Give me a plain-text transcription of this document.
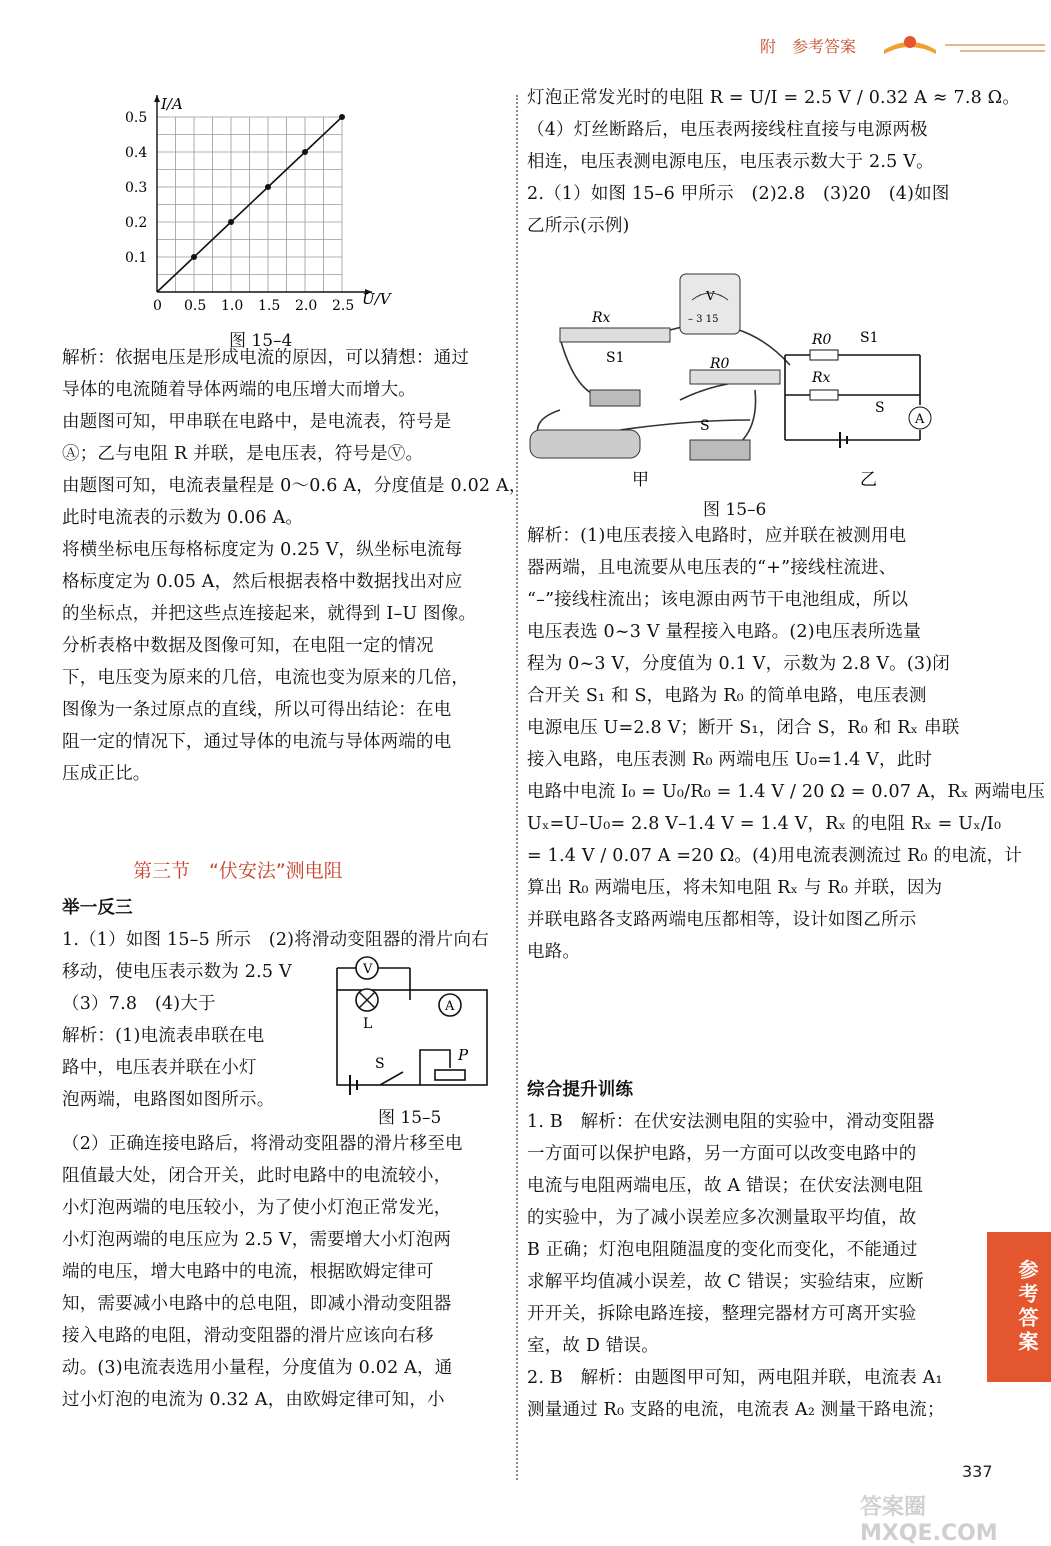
附　参考答案
U/V
I/A
0 0.5 1.0 1.5 2.0 2.5
0.1
0.2
0.3
0.4
0.5
图 15–4
解析：依据电压是形成电流的原因，可以猜想：通过
导体的电流随着导体两端的电压增大而增大。
由题图可知，甲串联在电路中，是电流表，符号是
Ⓐ；乙与电阻 R 并联，是电压表，符号是Ⓥ。
由题图可知，电流表量程是 0～0.6 A，分度值是 0.02 A，
此时电流表的示数为 0.06 A。
将横坐标电压每格标度定为 0.25 V，纵坐标电流每
格标度定为 0.05 A，然后根据表格中数据找出对应
的坐标点，并把这些点连接起来，就得到 I–U 图像。
分析表格中数据及图像可知，在电阻一定的情况
下，电压变为原来的几倍，电流也变为原来的几倍，
图像为一条过原点的直线，所以可得出结论：在电
阻一定的情况下，通过导体的电流与导体两端的电
压成正比。
第三节　“伏安法”测电阻
举一反三
1.（1）如图 15–5 所示　(2)将滑动变阻器的滑片向右
移动，使电压表示数为 2.5 V
（3）7.8　(4)大于
解析：(1)电流表串联在电
路中，电压表并联在小灯
泡两端，电路图如图所示。
V
A
L
S	P
图 15–5
（2）正确连接电路后，将滑动变阻器的滑片移至电
阻值最大处，闭合开关，此时电路中的电流较小，
小灯泡两端的电压较小，为了使小灯泡正常发光，
小灯泡两端的电压应为 2.5 V，需要增大小灯泡两
端的电压，增大电路中的电流，根据欧姆定律可
知，需要减小电路中的总电阻，即减小滑动变阻器
接入电路的电阻，滑动变阻器的滑片应该向右移
动。(3)电流表选用小量程，分度值为 0.02 A，通
过小灯泡的电流为 0.32 A，由欧姆定律可知，小
灯泡正常发光时的电阻 R = U/I = 2.5 V / 0.32 A ≈ 7.8 Ω。
（4）灯丝断路后，电压表两接线柱直接与电源两极
相连，电压表测电源电压，电压表示数大于 2.5 V。
2.（1）如图 15–6 甲所示　(2)2.8　(3)20　(4)如图
乙所示(示例)
Rx
R0
S1
S
V
– 3 15
R0
Rx
S1
S
A
甲	乙
图 15–6
解析：(1)电压表接入电路时，应并联在被测用电
器两端，且电流要从电压表的“+”接线柱流进、
“–”接线柱流出；该电源由两节干电池组成，所以
电压表选 0~3 V 量程接入电路。(2)电压表所选量
程为 0~3 V，分度值为 0.1 V，示数为 2.8 V。(3)闭
合开关 S₁ 和 S，电路为 R₀ 的简单电路，电压表测
电源电压 U=2.8 V；断开 S₁，闭合 S，R₀ 和 Rₓ 串联
接入电路，电压表测 R₀ 两端电压 U₀=1.4 V，此时
电路中电流 I₀ = U₀/R₀ = 1.4 V / 20 Ω = 0.07 A，Rₓ 两端电压
Uₓ=U–U₀= 2.8 V–1.4 V = 1.4 V，Rₓ 的电阻 Rₓ = Uₓ/I₀
= 1.4 V / 0.07 A =20 Ω。(4)用电流表测流过 R₀ 的电流，计
算出 R₀ 两端电压，将未知电阻 Rₓ 与 R₀ 并联，因为
并联电路各支路两端电压都相等，设计如图乙所示
电路。
综合提升训练
1. B　解析：在伏安法测电阻的实验中，滑动变阻器
一方面可以保护电路，另一方面可以改变电路中的
电流与电阻两端电压，故 A 错误；在伏安法测电阻
的实验中，为了减小误差应多次测量取平均值，故
B 正确；灯泡电阻随温度的变化而变化，不能通过
求解平均值减小误差，故 C 错误；实验结束，应断
开开关，拆除电路连接，整理完器材方可离开实验
室，故 D 错误。
2. B　解析：由题图甲可知，两电阻并联，电流表 A₁
测量通过 R₀ 支路的电流，电流表 A₂ 测量干路电流；
参考答案
337
答案圈 MXQE.COM
